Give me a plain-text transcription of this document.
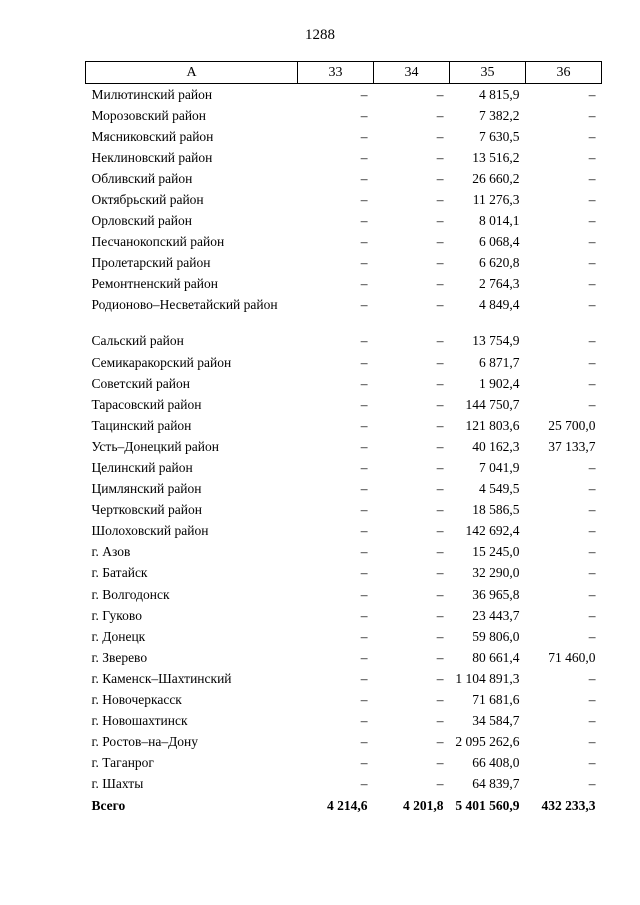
1288
А	33	34	35	36
Милютинский район	–	–	4 815,9	–
Морозовский район	–	–	7 382,2	–
Мясниковский район	–	–	7 630,5	–
Неклиновский район	–	–	13 516,2	–
Обливский район	–	–	26 660,2	–
Октябрьский район	–	–	11 276,3	–
Орловский район	–	–	8 014,1	–
Песчанокопский район	–	–	6 068,4	–
Пролетарский район	–	–	6 620,8	–
Ремонтненский район	–	–	2 764,3	–
Родионово–Несветайский район	–	–	4 849,4	–
Сальский район	–	–	13 754,9	–
Семикаракорский район	–	–	6 871,7	–
Советский район	–	–	1 902,4	–
Тарасовский район	–	–	144 750,7	–
Тацинский район	–	–	121 803,6	25 700,0
Усть–Донецкий район	–	–	40 162,3	37 133,7
Целинский район	–	–	7 041,9	–
Цимлянский район	–	–	4 549,5	–
Чертковский район	–	–	18 586,5	–
Шолоховский район	–	–	142 692,4	–
г. Азов	–	–	15 245,0	–
г. Батайск	–	–	32 290,0	–
г. Волгодонск	–	–	36 965,8	–
г. Гуково	–	–	23 443,7	–
г. Донецк	–	–	59 806,0	–
г. Зверево	–	–	80 661,4	71 460,0
г. Каменск–Шахтинский	–	–	1 104 891,3	–
г. Новочеркасск	–	–	71 681,6	–
г. Новошахтинск	–	–	34 584,7	–
г. Ростов–на–Дону	–	–	2 095 262,6	–
г. Таганрог	–	–	66 408,0	–
г. Шахты	–	–	64 839,7	–
Всего	4 214,6	4 201,8	5 401 560,9	432 233,3
